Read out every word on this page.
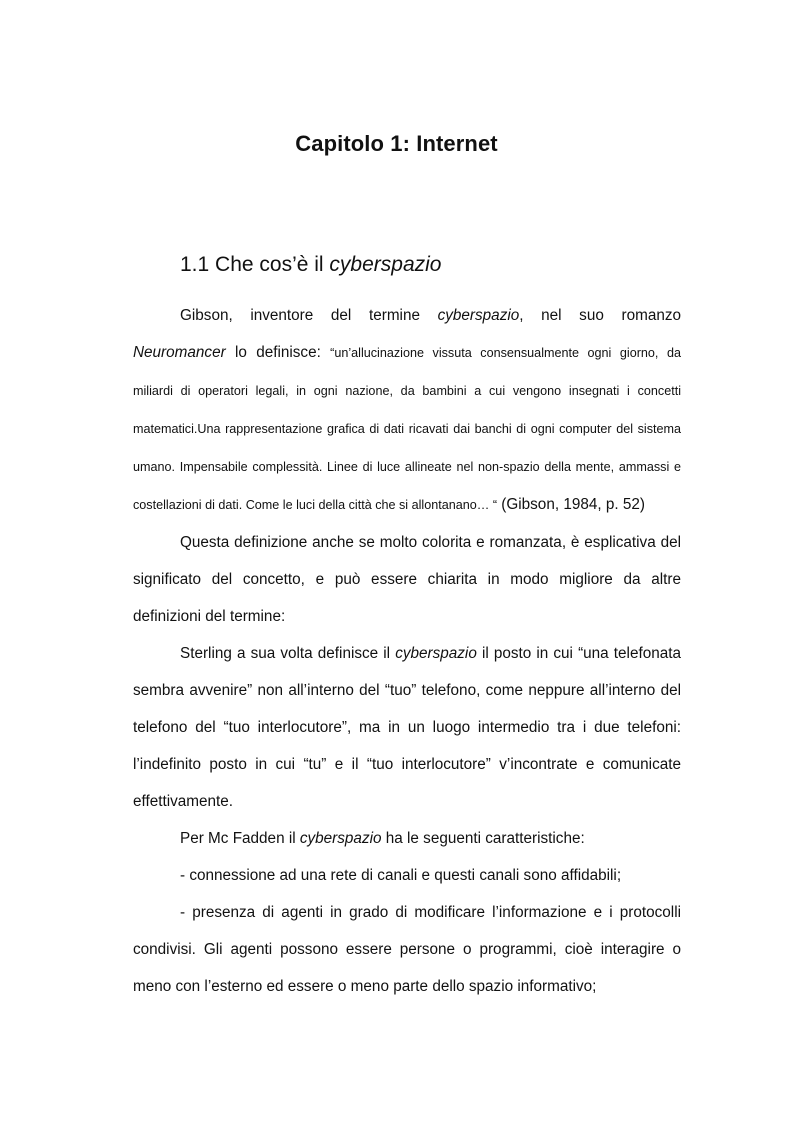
Capitolo 1: Internet
1.1 Che cos’è il cyberspazio

Gibson, inventore del termine cyberspazio, nel suo romanzo Neuromancer lo definisce: “un’allucinazione vissuta consensualmente ogni giorno, da miliardi di operatori legali, in ogni nazione, da bambini a cui vengono insegnati i concetti matematici.Una rappresentazione grafica di dati ricavati dai banchi di ogni computer del sistema umano. Impensabile complessità. Linee di luce allineate nel non-spazio della mente, ammassi e costellazioni di dati. Come le luci della città che si allontanano… “ (Gibson, 1984, p. 52)

Questa definizione anche se molto colorita e romanzata, è esplicativa del significato del concetto, e può essere chiarita in modo migliore da altre definizioni del termine:

Sterling a sua volta definisce il cyberspazio il posto in cui “una telefonata sembra avvenire” non all’interno del “tuo” telefono, come neppure all’interno del telefono del “tuo interlocutore”, ma in un luogo intermedio tra i due telefoni: l’indefinito posto in cui “tu” e il “tuo interlocutore” v’incontrate e comunicate effettivamente.

Per Mc Fadden il cyberspazio ha le seguenti caratteristiche:

- connessione ad una rete di canali e questi canali sono affidabili;

- presenza di agenti in grado di modificare l’informazione e i protocolli condivisi. Gli agenti possono essere persone o programmi, cioè interagire o meno con l’esterno ed essere o meno parte dello spazio informativo;
